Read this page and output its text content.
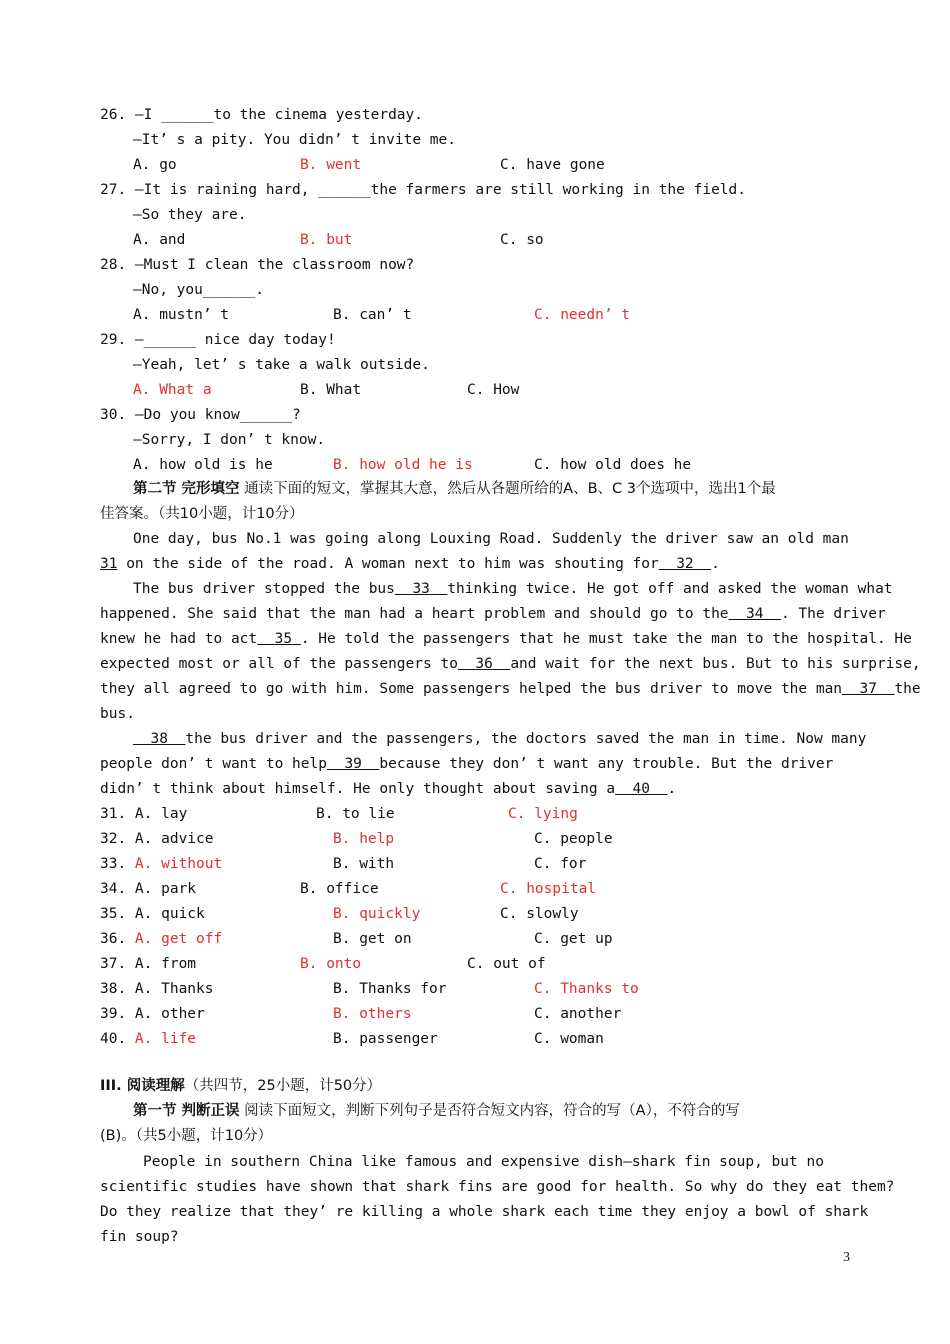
26. —I ______to the cinema yesterday.
—It’ s a pity. You didn’ t invite me.
A. go	B. went	C. have gone
27. —It is raining hard, ______the farmers are still working in the field.
—So they are.
A. and	B. but	C. so
28. —Must I clean the classroom now?
—No, you______.
A. mustn’ t	B. can’ t	C. needn’ t
29. —______ nice day today!
—Yeah, let’ s take a walk outside.
A. What a	B. What	C. How
30. —Do you know______?
—Sorry, I don’ t know.
A. how old is he	B. how old he is	C. how old does he
第二节 完形填空 通读下面的短文，掌握其大意，然后从各题所给的A、B、C 3个选项中，选出1个最
佳答案。（共10小题，计10分）
One day, bus No.1 was going along Louxing Road. Suddenly the driver saw an old man
31 on the side of the road. A woman next to him was shouting for 32 .
The bus driver stopped the bus 33 thinking twice. He got off and asked the woman what
happened. She said that the man had a heart problem and should go to the 34 . The driver
knew he had to act 35 . He told the passengers that he must take the man to the hospital. He
expected most or all of the passengers to 36 and wait for the next bus. But to his surprise,
they all agreed to go with him. Some passengers helped the bus driver to move the man 37 the
bus.
38 the bus driver and the passengers, the doctors saved the man in time. Now many
people don’ t want to help 39 because they don’ t want any trouble. But the driver
didn’ t think about himself. He only thought about saving a 40 .
31. A. lay	B. to lie	C. lying
32. A. advice	B. help	C. people
33. A. without	B. with	C. for
34. A. park	B. office	C. hospital
35. A. quick	B. quickly	C. slowly
36. A. get off	B. get on	C. get up
37. A. from	B. onto	C. out of
38. A. Thanks	B. Thanks for	C. Thanks to
39. A. other	B. others	C. another
40. A. life	B. passenger	C. woman
III. 阅读理解（共四节，25小题，计50分）
第一节 判断正误 阅读下面短文，判断下列句子是否符合短文内容，符合的写（A），不符合的写
(B)。（共5小题，计10分）
People in southern China like famous and expensive dish—shark fin soup, but no
scientific studies have shown that shark fins are good for health. So why do they eat them?
Do they realize that they’ re killing a whole shark each time they enjoy a bowl of shark
fin soup?
3
